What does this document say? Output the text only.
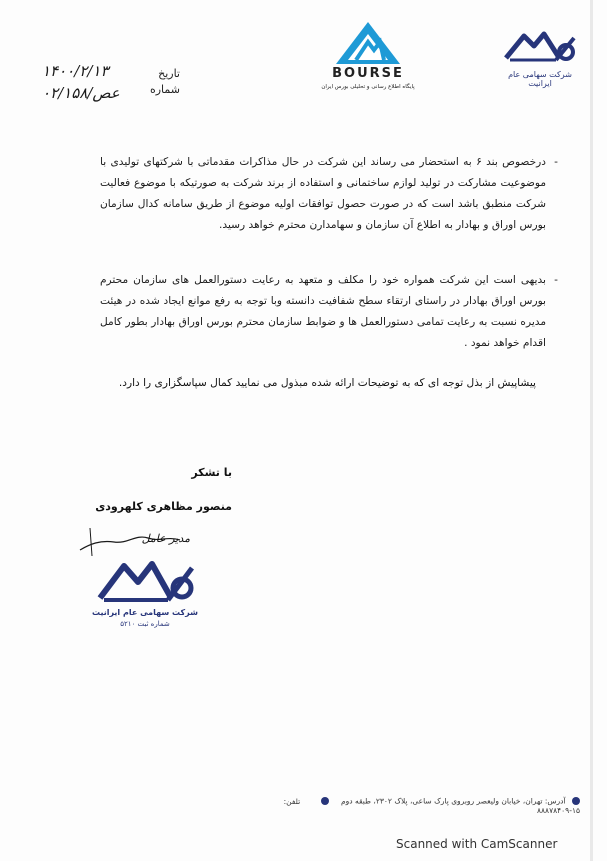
شرکت سهامی عام ایرانیت
BOURSE
پایگاه اطلاع رسانی و تحلیلی بورس ایران
تاریخ
شماره
۱۴۰۰/۲/۱۳
ع‍ص/۰۲/۱۵۸
-
درخصوص بند ۶ به استحضار می رساند این شرکت در حال مذاکرات مقدماتی با شرکتهای تولیدی با موضوعیت مشارکت در تولید لوازم ساختمانی و استفاده از برند شرکت به صورتیکه با موضوع فعالیت شرکت منطبق باشد است که در صورت حصول توافقات اولیه موضوع از طریق سامانه کدال سازمان بورس اوراق و بهادار به اطلاع آن سازمان و سهامدارن محترم خواهد رسید.
-
بدیهی است این شرکت همواره خود را مکلف و متعهد به رعایت دستورالعمل های سازمان محترم بورس اوراق بهادار در راستای ارتقاء سطح شفافیت دانسته وبا توجه به رفع موانع ایجاد شده در هیئت مدیره نسبت به رعایت تمامی دستورالعمل ها و ضوابط سازمان محترم بورس اوراق بهادار بطور کامل اقدام خواهد نمود .
پیشاپیش از بذل توجه ای که به توضیحات ارائه شده مبذول می نمایید کمال سپاسگزاری را دارد.
با تشکر
منصور مظاهری کلهرودی
مدیر عامل
شرکت سهامی عام ایرانیت
شماره ثبت ۵۲۱۰
آدرس: تهران، خیابان ولیعصر روبروی پارک ساعی، پلاک ۲۳۰۲، طبقه دوم  تلفن: ۱۵-۸۸۸۷۸۴۰۹
Scanned with CamScanner
